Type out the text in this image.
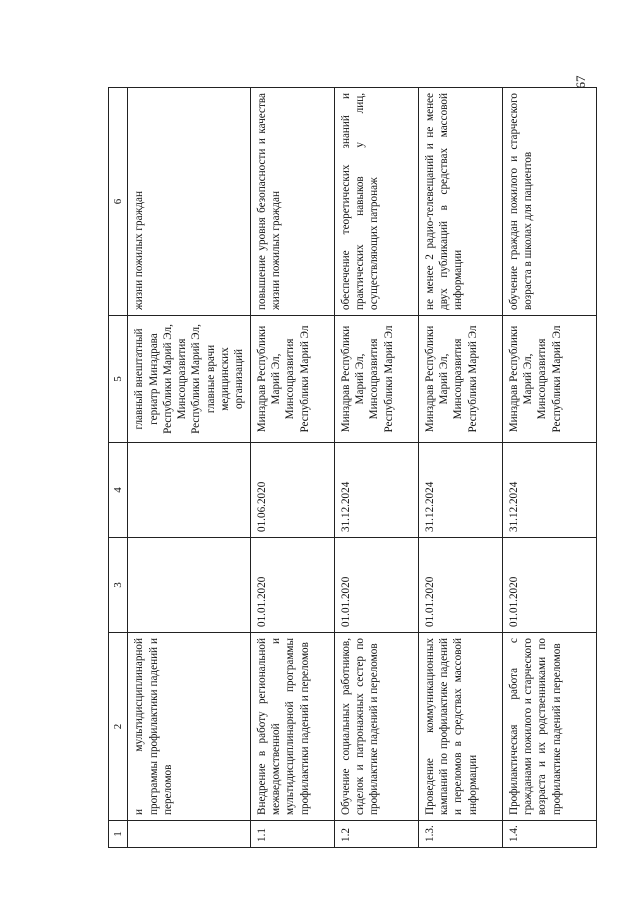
67
1	2	3	4	5	6
	и мультидисциплинарной программы профилактики падений и переломов			главный внештатный гериатр Минздрава Республики Марий Эл, Минсоцразвития Республики Марий Эл, главные врачи медицинских организаций	жизни пожилых граждан
1.1	Внедрение в работу региональной межведомственной и мультидисциплинарной программы профилактики падений и переломов	01.01.2020	01.06.2020	Минздрав Республики Марий Эл, Минсоцразвития Республики Марий Эл	повышение уровня безопасности и качества жизни пожилых граждан
1.2	Обучение социальных работников, сиделок и патронажных сестер по профилактике падений и переломов	01.01.2020	31.12.2024	Минздрав Республики Марий Эл, Минсоцразвития Республики Марий Эл	обеспечение теоретических знаний и практических навыков у лиц, осуществляющих патронаж
1.3.	Проведение коммуникационных кампаний по профилактике падений и переломов в средствах массовой информации	01.01.2020	31.12.2024	Минздрав Республики Марий Эл, Минсоцразвития Республики Марий Эл	не менее 2 радио-телевещаний и не менее двух публикаций в средствах массовой информации
1.4.	Профилактическая работа с гражданами пожилого и старческого возраста и их родственниками по профилактике падений и переломов	01.01.2020	31.12.2024	Минздрав Республики Марий Эл, Минсоцразвития Республики Марий Эл	обучение граждан пожилого и старческого возраста в школах для пациентов
